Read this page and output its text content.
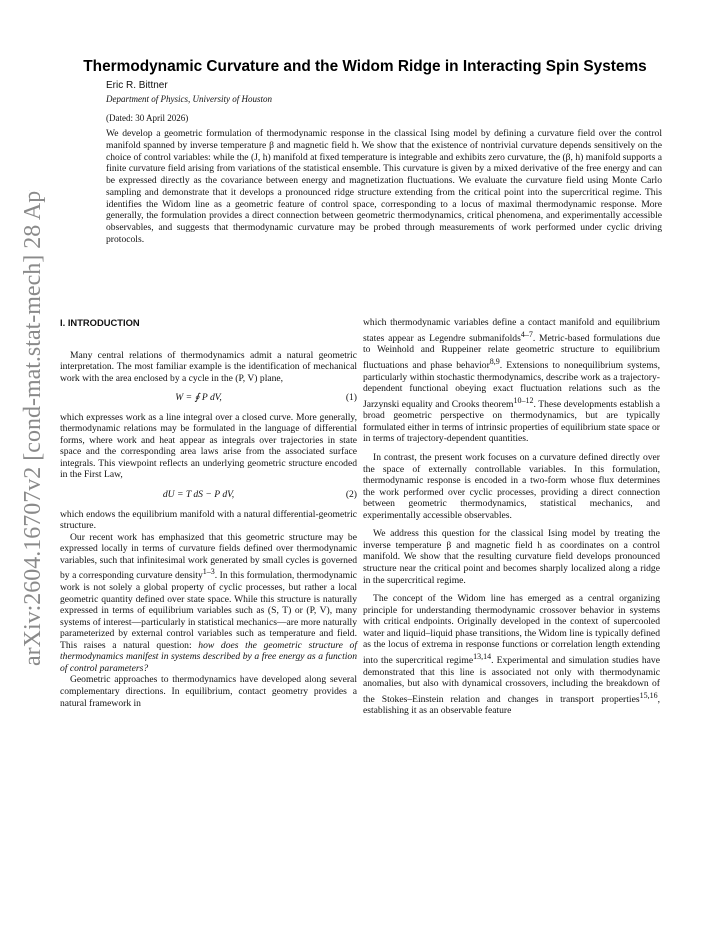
arXiv:2604.16707v2 [cond-mat.stat-mech] 28 Apr 2026
Thermodynamic Curvature and the Widom Ridge in Interacting Spin Systems
Eric R. Bittner
Department of Physics, University of Houston
(Dated: 30 April 2026)
We develop a geometric formulation of thermodynamic response in the classical Ising model by defining a curvature field over the control manifold spanned by inverse temperature β and magnetic field h. We show that the existence of nontrivial curvature depends sensitively on the choice of control variables: while the (J, h) manifold at fixed temperature is integrable and exhibits zero curvature, the (β, h) manifold supports a finite curvature field arising from variations of the statistical ensemble. This curvature is given by a mixed derivative of the free energy and can be expressed directly as the covariance between energy and magnetization fluctuations. We evaluate the curvature field using Monte Carlo sampling and demonstrate that it develops a pronounced ridge structure extending from the critical point into the supercritical regime. This identifies the Widom line as a geometric feature of control space, corresponding to a locus of maximal thermodynamic response. More generally, the formulation provides a direct connection between geometric thermodynamics, critical phenomena, and experimentally accessible observables, and suggests that thermodynamic curvature may be probed through measurements of work performed under cyclic driving protocols.
I. INTRODUCTION

Many central relations of thermodynamics admit a natural geometric interpretation. The most familiar example is the identification of mechanical work with the area enclosed by a cycle in the (P, V) plane,

W = ∮ P dV,	(1)

which expresses work as a line integral over a closed curve. More generally, thermodynamic relations may be formulated in the language of differential forms, where work and heat appear as integrals over trajectories in state space and the corresponding area laws arise from the associated surface integrals. This viewpoint reflects an underlying geometric structure encoded in the First Law,

dU = T dS − P dV,	(2)

which endows the equilibrium manifold with a natural differential-geometric structure.

Our recent work has emphasized that this geometric structure may be expressed locally in terms of curvature fields defined over thermodynamic variables, such that infinitesimal work generated by small cycles is governed by a corresponding curvature density$^{1-3}$. In this formulation, thermodynamic work is not solely a global property of cyclic processes, but rather a local geometric quantity defined over state space. While this structure is naturally expressed in terms of equilibrium variables such as (S, T) or (P, V), many systems of interest—particularly in statistical mechanics—are more naturally parameterized by external control variables such as temperature and field. This raises a natural question: how does the geometric structure of thermodynamics manifest in systems described by a free energy as a function of control parameters?

Geometric approaches to thermodynamics have developed along several complementary directions. In equilibrium, contact geometry provides a natural framework in

which thermodynamic variables define a contact manifold and equilibrium states appear as Legendre submanifolds$^{4-7}$. Metric-based formulations due to Weinhold and Ruppeiner relate geometric structure to equilibrium fluctuations and phase behavior$^{8,9}$. Extensions to nonequilibrium systems, particularly within stochastic thermodynamics, describe work as a trajectory-dependent functional obeying exact fluctuation relations such as the Jarzynski equality and Crooks theorem$^{10-12}$. These developments establish a broad geometric perspective on thermodynamics, but are typically formulated either in terms of intrinsic properties of equilibrium state space or in terms of trajectory-dependent quantities.

In contrast, the present work focuses on a curvature defined directly over the space of externally controllable variables. In this formulation, thermodynamic response is encoded in a two-form whose flux determines the work performed over cyclic processes, providing a direct connection between geometric thermodynamics, statistical mechanics, and experimentally accessible observables.

We address this question for the classical Ising model by treating the inverse temperature β and magnetic field h as coordinates on a control manifold. We show that the resulting curvature field develops pronounced structure near the critical point and becomes sharply localized along a ridge in the supercritical regime.

The concept of the Widom line has emerged as a central organizing principle for understanding thermodynamic crossover behavior in systems with critical endpoints. Originally developed in the context of supercooled water and liquid–liquid phase transitions, the Widom line is typically defined as the locus of extrema in response functions or correlation length extending into the supercritical regime$^{13,14}$. Experimental and simulation studies have demonstrated that this line is associated not only with thermodynamic anomalies, but also with dynamical crossovers, including the breakdown of the Stokes–Einstein relation and changes in transport properties$^{15,16}$, establishing it as an observable feature
